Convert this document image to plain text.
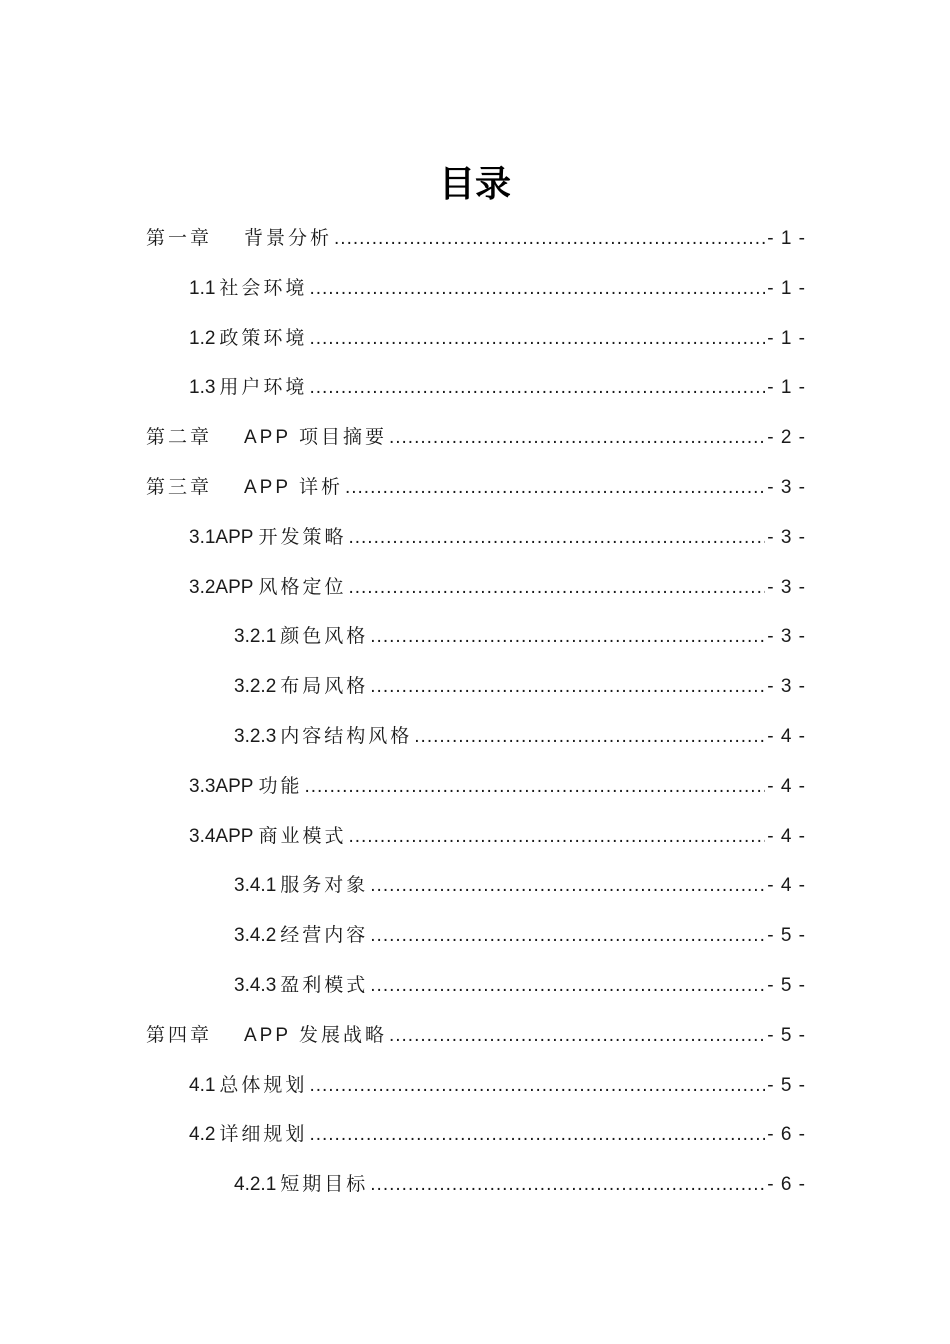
目录
第一章	背景分析 .....	- 1 -
1.1 社会环境 .....	- 1 -
1.2 政策环境 .....	- 1 -
1.3 用户环境 .....	- 1 -
第二章	APP 项目摘要 .....	- 2 -
第三章	APP 详析 .....	- 3 -
3.1APP 开发策略 .....	- 3 -
3.2APP 风格定位 .....	- 3 -
3.2.1 颜色风格 .....	- 3 -
3.2.2 布局风格 .....	- 3 -
3.2.3 内容结构风格 .....	- 4 -
3.3APP 功能 .....	- 4 -
3.4APP 商业模式 .....	- 4 -
3.4.1 服务对象 .....	- 4 -
3.4.2 经营内容 .....	- 5 -
3.4.3 盈利模式 .....	- 5 -
第四章	APP 发展战略 .....	- 5 -
4.1 总体规划 .....	- 5 -
4.2 详细规划 .....	- 6 -
4.2.1 短期目标 .....	- 6 -
